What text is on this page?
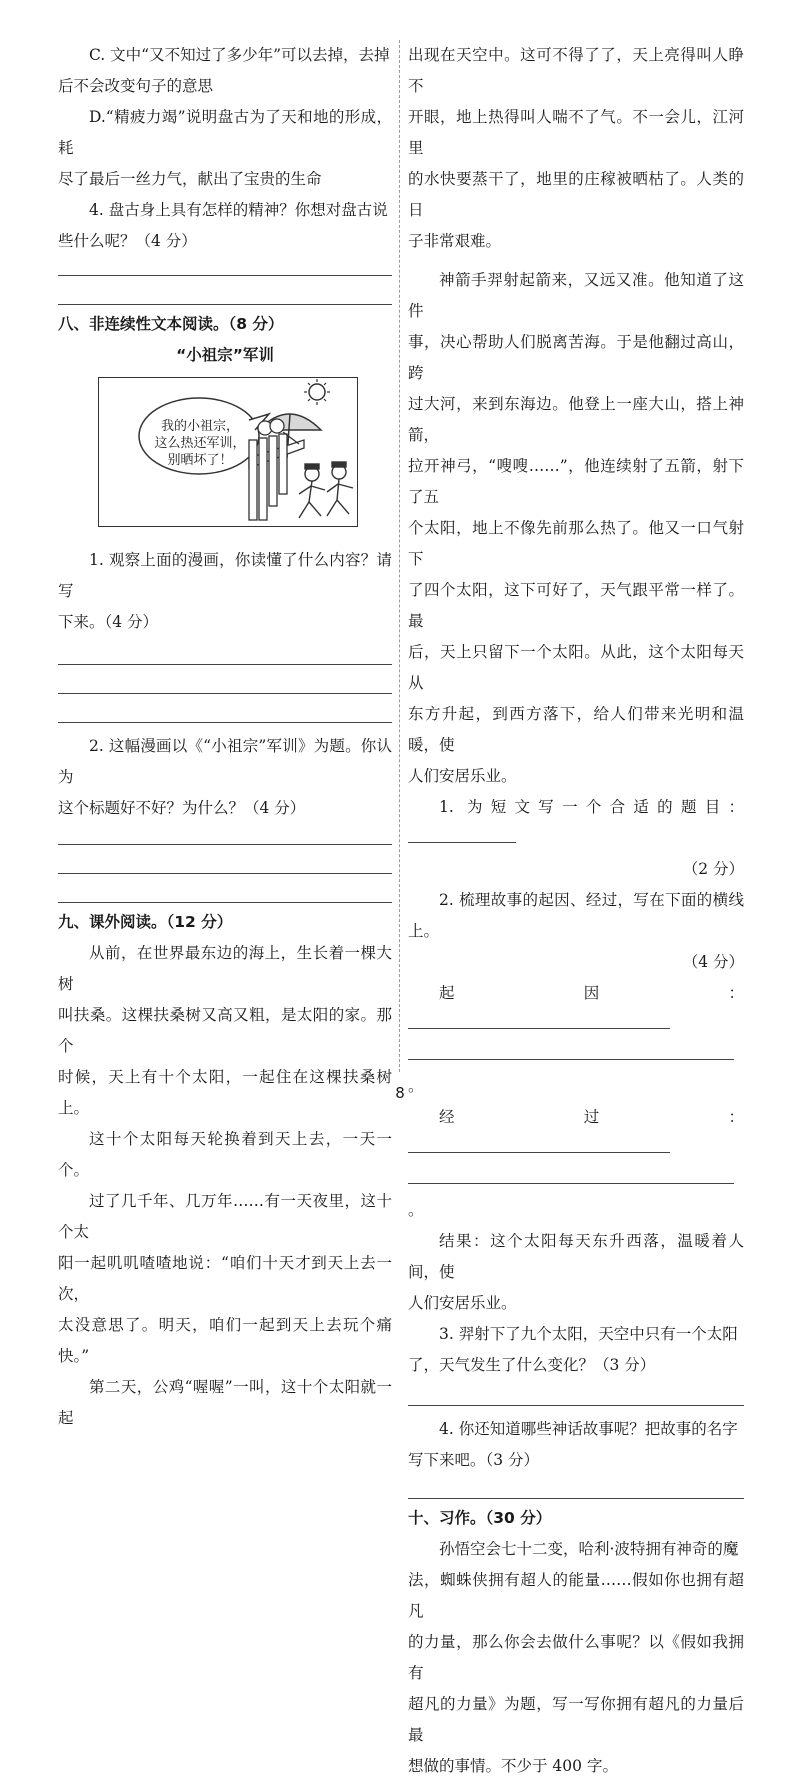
C. 文中“又不知过了多少年”可以去掉，去掉

后不会改变句子的意思

D.“精疲力竭”说明盘古为了天和地的形成，耗

尽了最后一丝力气，献出了宝贵的生命

4. 盘古身上具有怎样的精神？你想对盘古说

些什么呢？（4 分）

八、非连续性文本阅读。（8 分）

“小祖宗”军训

我的小祖宗，
这么热还军训，
别晒坏了！

1. 观察上面的漫画，你读懂了什么内容？请写

下来。（4 分）

2. 这幅漫画以《“小祖宗”军训》为题。你认为

这个标题好不好？为什么？（4 分）

九、课外阅读。（12 分）

从前，在世界最东边的海上，生长着一棵大树

叫扶桑。这棵扶桑树又高又粗，是太阳的家。那个

时候，天上有十个太阳，一起住在这棵扶桑树上。

这十个太阳每天轮换着到天上去，一天一个。

过了几千年、几万年……有一天夜里，这十个太

阳一起叽叽喳喳地说：“咱们十天才到天上去一次，

太没意思了。明天，咱们一起到天上去玩个痛快。”

第二天，公鸡“喔喔”一叫，这十个太阳就一起

出现在天空中。这可不得了了，天上亮得叫人睁不

开眼，地上热得叫人喘不了气。不一会儿，江河里

的水快要蒸干了，地里的庄稼被晒枯了。人类的日

子非常艰难。

神箭手羿射起箭来，又远又准。他知道了这件

事，决心帮助人们脱离苦海。于是他翻过高山，跨

过大河，来到东海边。他登上一座大山，搭上神箭，

拉开神弓，“嗖嗖……”，他连续射了五箭，射下了五

个太阳，地上不像先前那么热了。他又一口气射下

了四个太阳，这下可好了，天气跟平常一样了。最

后，天上只留下一个太阳。从此，这个太阳每天从

东方升起，到西方落下，给人们带来光明和温暖，使

人们安居乐业。

1. 为短文写一个合适的题目：

（2 分）

2. 梳理故事的起因、经过，写在下面的横线上。

（4 分）

起因：

。

经过：

。

结果：这个太阳每天东升西落，温暖着人间，使

人们安居乐业。

3. 羿射下了九个太阳，天空中只有一个太阳

了，天气发生了什么变化？（3 分）

4. 你还知道哪些神话故事呢？把故事的名字

写下来吧。（3 分）

十、习作。（30 分）

孙悟空会七十二变，哈利·波特拥有神奇的魔

法，蜘蛛侠拥有超人的能量……假如你也拥有超凡

的力量，那么你会去做什么事呢？以《假如我拥有

超凡的力量》为题，写一写你拥有超凡的力量后最

想做的事情。不少于 400 字。

8
